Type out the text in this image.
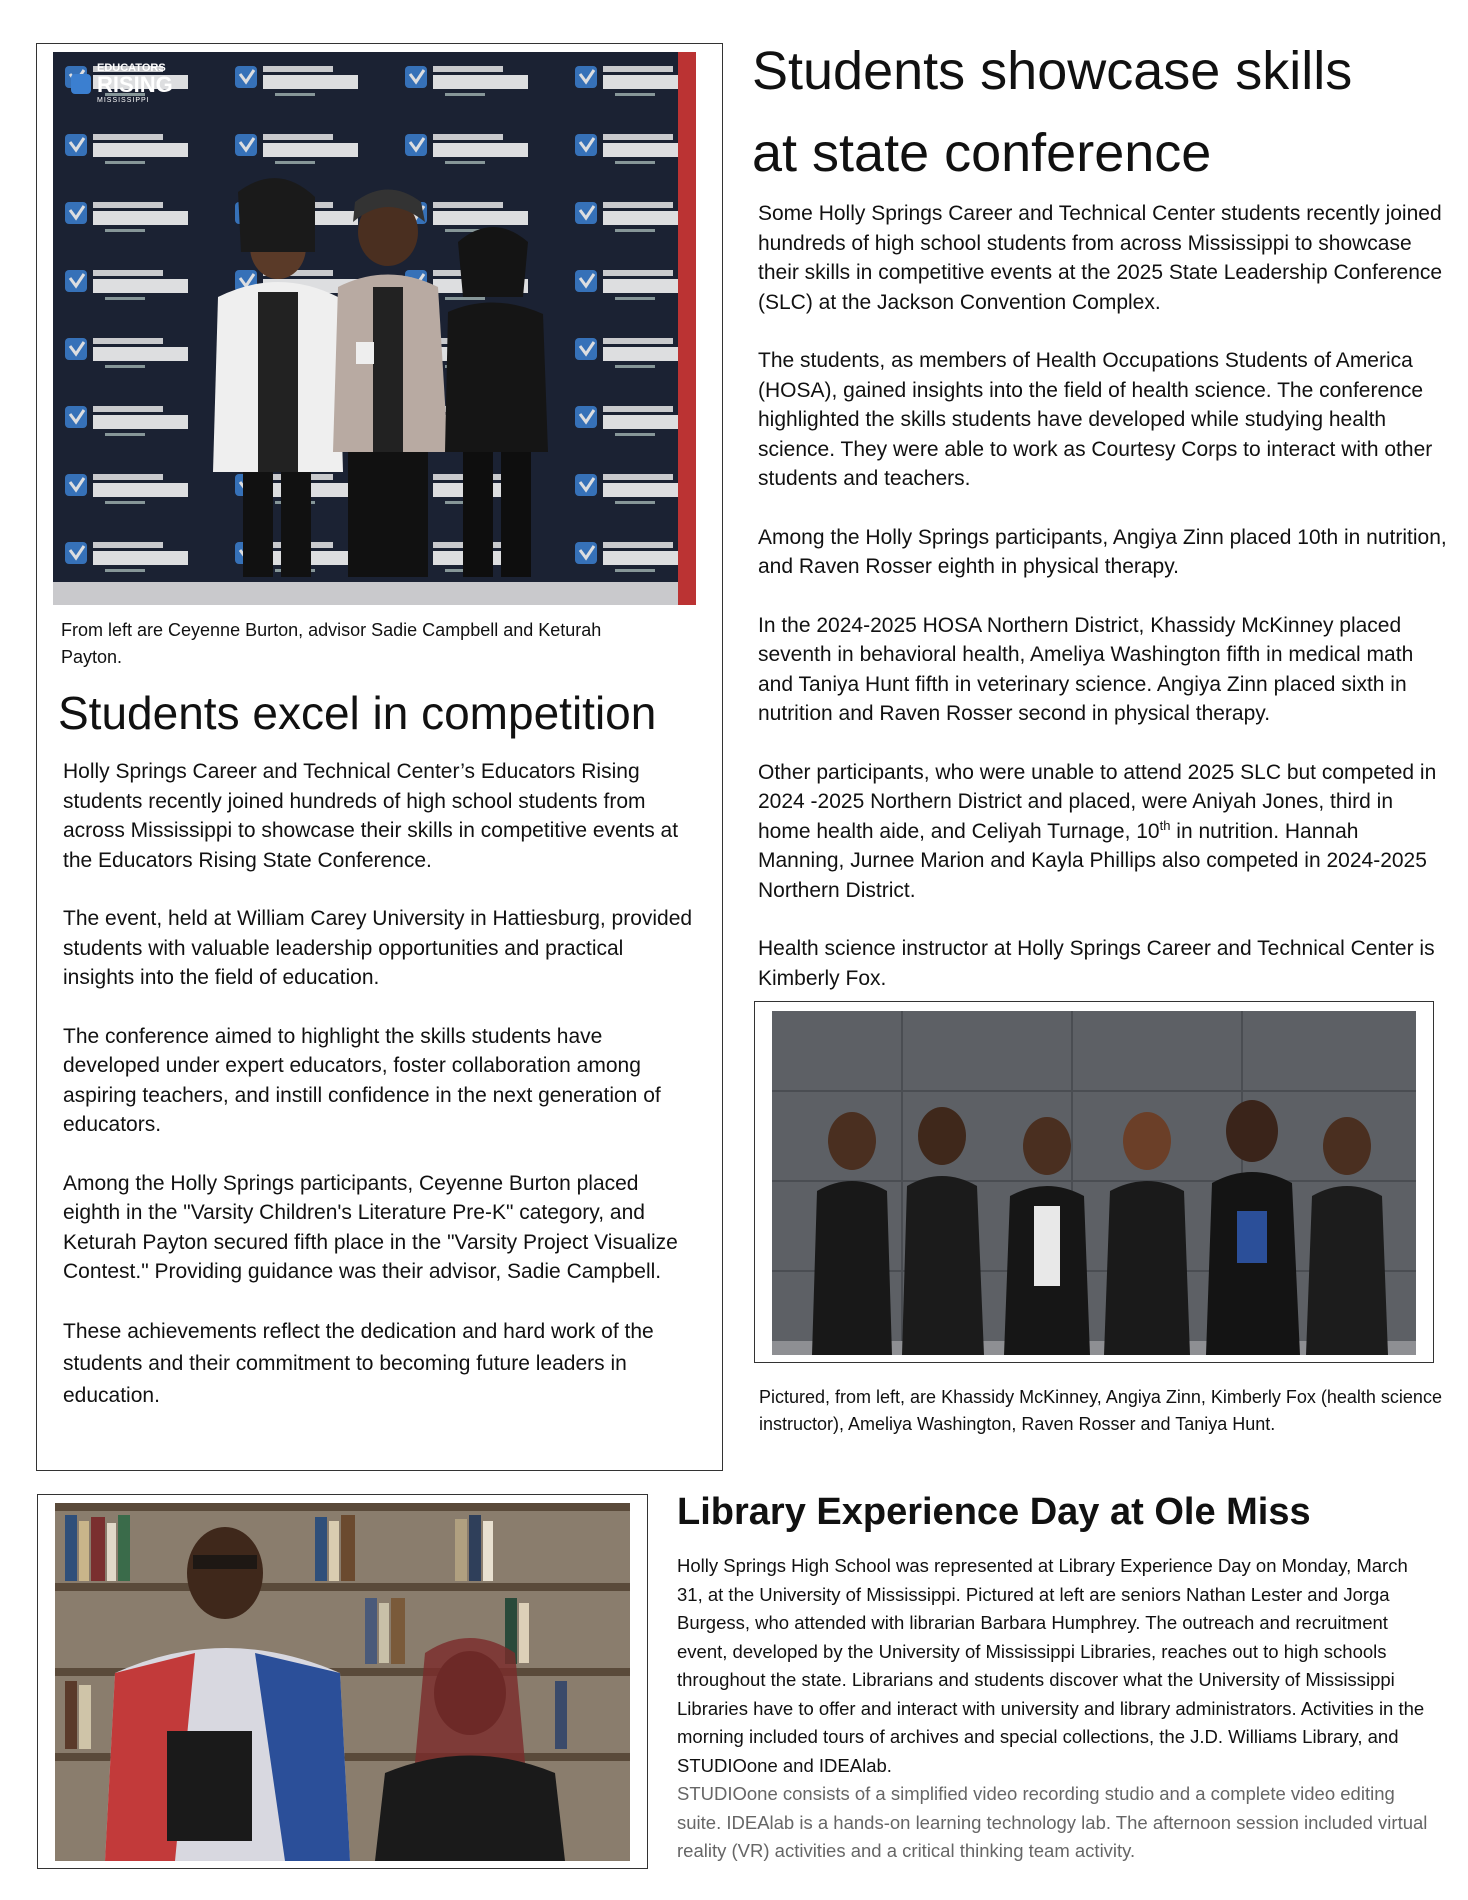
EDUCATORS
RISING
MISSISSIPPI
From left are Ceyenne Burton, advisor Sadie Campbell and Keturah Payton.
Students excel in competition

Holly Springs Career and Technical Center’s Educators Rising students recently joined hundreds of high school students from across Mississippi to showcase their skills in competitive events at the Educators Rising State Conference.

The event, held at William Carey University in Hattiesburg, provided students with valuable leadership opportunities and practical insights into the field of education.

The conference aimed to highlight the skills students have developed under expert educators, foster collaboration among aspiring teachers, and instill confidence in the next generation of educators.

Among the Holly Springs participants, Ceyenne Burton placed eighth in the "Varsity Children's Literature Pre-K" category, and Keturah Payton secured fifth place in the "Varsity Project Visualize Contest." Providing guidance was their advisor, Sadie Campbell.

These achievements reflect the dedication and hard work of the students and their commitment to becoming future leaders in education.

Students showcase skills
at state conference

Some Holly Springs Career and Technical Center students recently joined hundreds of high school students from across Mississippi to showcase their skills in competitive events at the 2025 State Leadership Conference (SLC) at the Jackson Convention Complex.

The students, as members of Health Occupations Students of America (HOSA), gained insights into the field of health science. The conference highlighted the skills students have developed while studying health science. They were able to work as Courtesy Corps to interact with other students and teachers.

Among the Holly Springs participants, Angiya Zinn placed 10th in nutrition, and Raven Rosser eighth in physical therapy.

In the 2024-2025 HOSA Northern District, Khassidy McKinney placed seventh in behavioral health, Ameliya Washington fifth in medical math and Taniya Hunt fifth in veterinary science. Angiya Zinn placed sixth in nutrition and Raven Rosser second in physical therapy.

Other participants, who were unable to attend 2025 SLC but competed in 2024 -2025 Northern District and placed, were Aniyah Jones, third in home health aide, and Celiyah Turnage, 10th in nutrition. Hannah Manning, Jurnee Marion and Kayla Phillips also competed in 2024-2025 Northern District.

Health science instructor at Holly Springs Career and Technical Center is Kimberly Fox.

Pictured, from left, are Khassidy McKinney, Angiya Zinn, Kimberly Fox (health science instructor), Ameliya Washington, Raven Rosser and Taniya Hunt.
Library Experience Day at Ole Miss
Holly Springs High School was represented at Library Experience Day on Monday, March 31, at the University of Mississippi. Pictured at left are seniors Nathan Lester and Jorga Burgess, who attended with librarian Barbara Humphrey. The outreach and recruitment event, developed by the University of Mississippi Libraries, reaches out to high schools throughout the state. Librarians and students discover what the University of Mississippi Libraries have to offer and interact with university and library administrators. Activities in the morning included tours of archives and special collections, the J.D. Williams Library, and STUDIOone and IDEAlab.
STUDIOone consists of a simplified video recording studio and a complete video editing suite. IDEAlab is a hands-on learning technology lab. The afternoon session included virtual reality (VR) activities and a critical thinking team activity.
